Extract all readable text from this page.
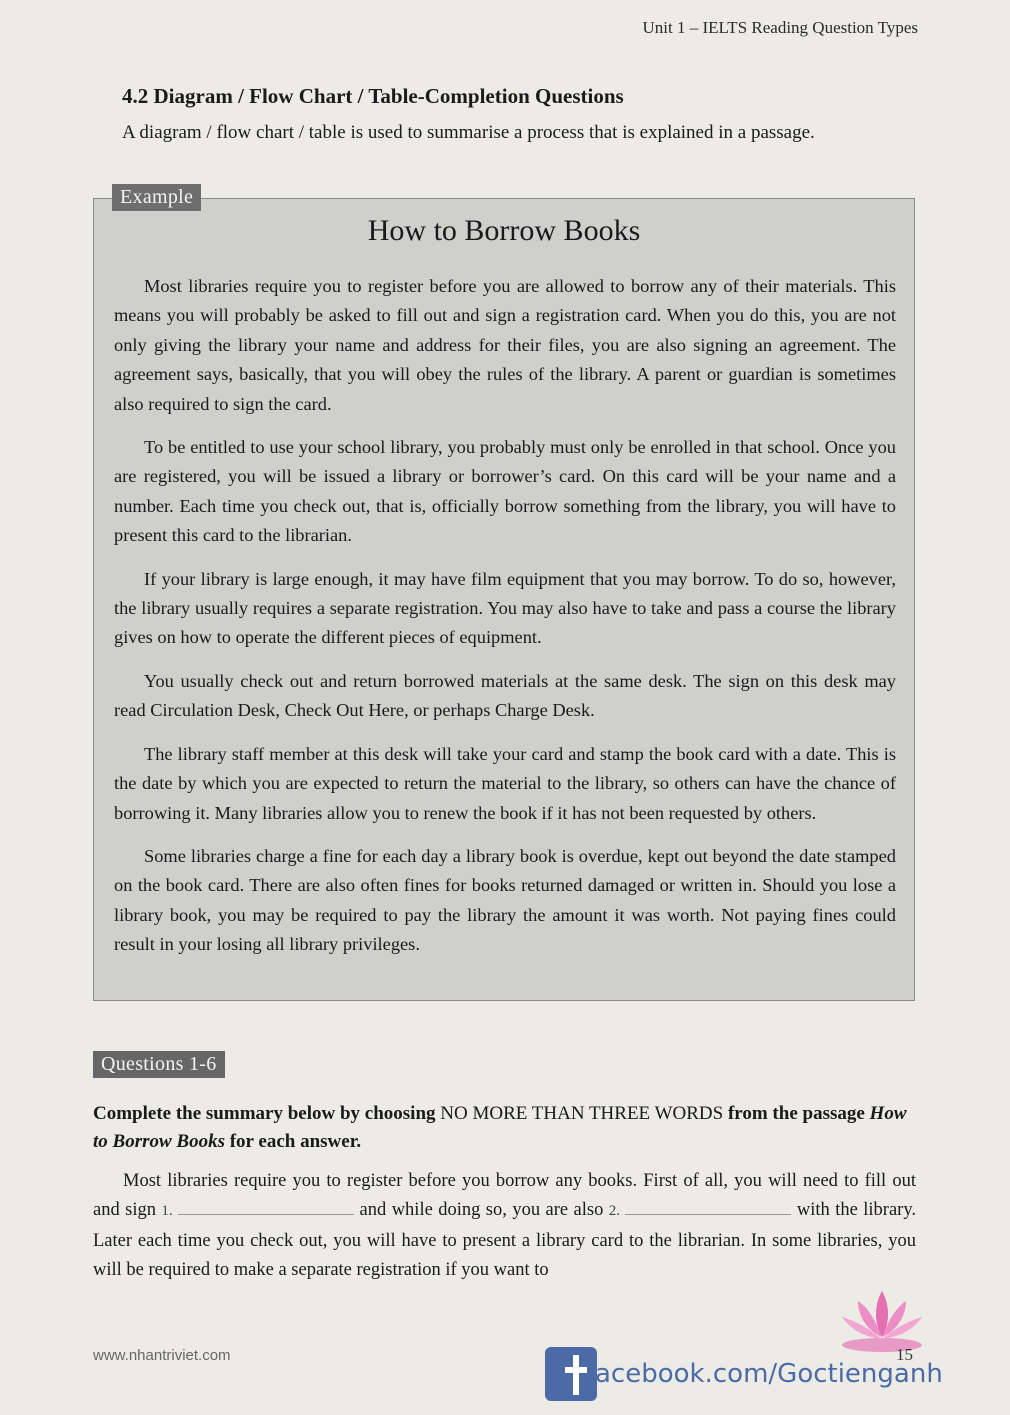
Unit 1 – IELTS Reading Question Types
4.2 Diagram / Flow Chart / Table-Completion Questions
A diagram / flow chart / table is used to summarise a process that is explained in a passage.
Example
How to Borrow Books

Most libraries require you to register before you are allowed to borrow any of their materials. This means you will probably be asked to fill out and sign a registration card. When you do this, you are not only giving the library your name and address for their files, you are also signing an agreement. The agreement says, basically, that you will obey the rules of the library. A parent or guardian is sometimes also required to sign the card.

To be entitled to use your school library, you probably must only be enrolled in that school. Once you are registered, you will be issued a library or borrower’s card. On this card will be your name and a number. Each time you check out, that is, officially borrow something from the library, you will have to present this card to the librarian.

If your library is large enough, it may have film equipment that you may borrow. To do so, however, the library usually requires a separate registration. You may also have to take and pass a course the library gives on how to operate the different pieces of equipment.

You usually check out and return borrowed materials at the same desk. The sign on this desk may read Circulation Desk, Check Out Here, or perhaps Charge Desk.

The library staff member at this desk will take your card and stamp the book card with a date. This is the date by which you are expected to return the material to the library, so others can have the chance of borrowing it. Many libraries allow you to renew the book if it has not been requested by others.

Some libraries charge a fine for each day a library book is overdue, kept out beyond the date stamped on the book card. There are also often fines for books returned damaged or written in. Should you lose a library book, you may be required to pay the library the amount it was worth. Not paying fines could result in your losing all library privileges.

Questions 1-6
Complete the summary below by choosing NO MORE THAN THREE WORDS from the passage How to Borrow Books for each answer.
Most libraries require you to register before you borrow any books. First of all, you will need to fill out and sign 1.	and while doing so, you are also 2.	with the library. Later each time you check out, you will have to present a library card to the librarian. In some libraries, you will be required to make a separate registration if you want to
www.nhantriviet.com
acebook.com/Goctienganh
15
